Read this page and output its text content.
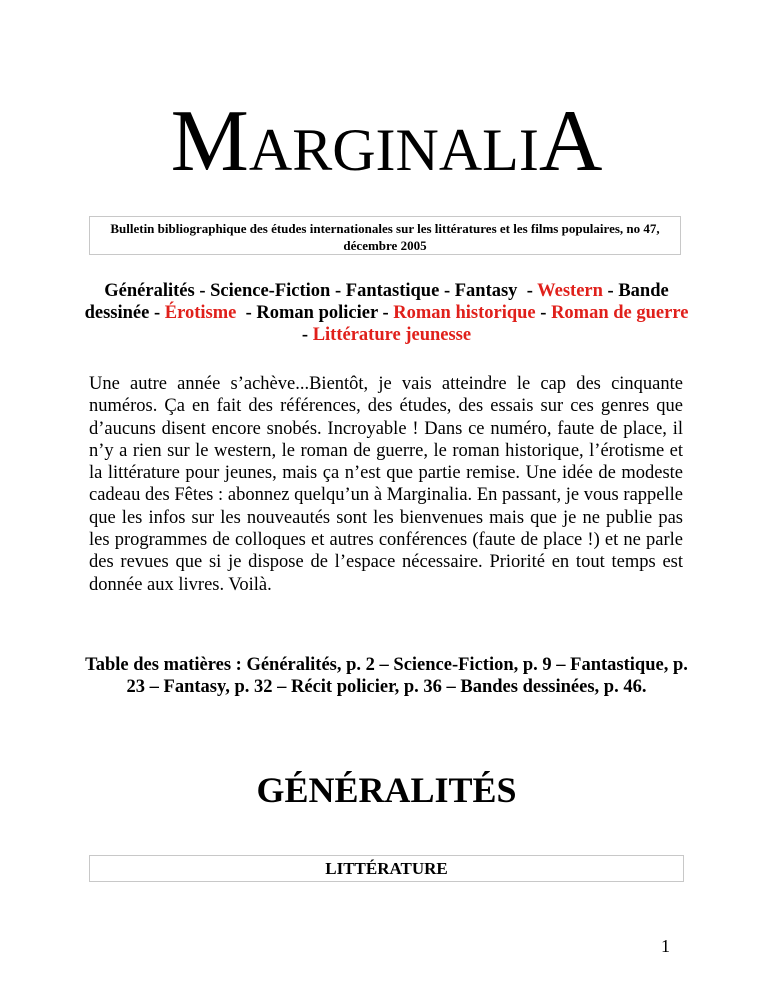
MARGINALIA
Bulletin bibliographique des études internationales sur les littératures et les films populaires, no 47, décembre 2005
Généralités - Science-Fiction - Fantastique - Fantasy  - Western - Bande dessinée - Érotisme  - Roman policier - Roman historique - Roman de guerre - Littérature jeunesse

Une autre année s’achève...Bientôt, je vais atteindre le cap des cinquante numéros. Ça en fait des références, des études, des essais sur ces genres que d’aucuns disent encore snobés. Incroyable ! Dans ce numéro, faute de place, il n’y a rien sur le western, le roman de guerre, le roman historique, l’érotisme et la littérature pour jeunes, mais ça n’est que partie remise. Une idée de modeste cadeau des Fêtes : abonnez quelqu’un à Marginalia. En passant, je vous rappelle que les infos sur les nouveautés sont les bienvenues mais que je ne publie pas les programmes de colloques et autres conférences (faute de place !) et ne parle des revues que si je dispose de l’espace nécessaire. Priorité en tout temps est donnée aux livres. Voilà.

Table des matières : Généralités, p. 2 – Science-Fiction, p. 9 – Fantastique, p. 23 – Fantasy, p. 32 – Récit policier, p. 36 – Bandes dessinées, p. 46.
GÉNÉRALITÉS
LITTÉRATURE
1
